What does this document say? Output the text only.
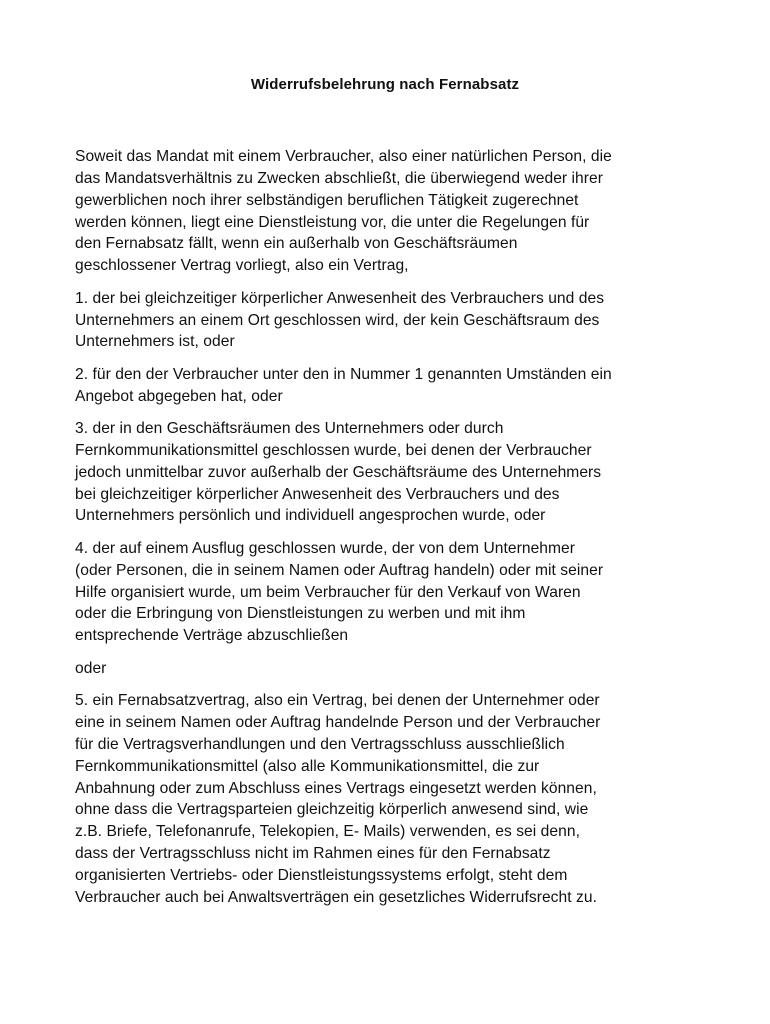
Widerrufsbelehrung nach Fernabsatz
Soweit das Mandat mit einem Verbraucher, also einer natürlichen Person, die
das Mandatsverhältnis zu Zwecken abschließt, die überwiegend weder ihrer
gewerblichen noch ihrer selbständigen beruflichen Tätigkeit zugerechnet
werden können, liegt eine Dienstleistung vor, die unter die Regelungen für
den Fernabsatz fällt, wenn ein außerhalb von Geschäftsräumen
geschlossener Vertrag vorliegt, also ein Vertrag,
1. der bei gleichzeitiger körperlicher Anwesenheit des Verbrauchers und des
Unternehmers an einem Ort geschlossen wird, der kein Geschäftsraum des
Unternehmers ist, oder
2. für den der Verbraucher unter den in Nummer 1 genannten Umständen ein
Angebot abgegeben hat, oder
3. der in den Geschäftsräumen des Unternehmers oder durch
Fernkommunikationsmittel geschlossen wurde, bei denen der Verbraucher
jedoch unmittelbar zuvor außerhalb der Geschäftsräume des Unternehmers
bei gleichzeitiger körperlicher Anwesenheit des Verbrauchers und des
Unternehmers persönlich und individuell angesprochen wurde, oder
4. der auf einem Ausflug geschlossen wurde, der von dem Unternehmer
(oder Personen, die in seinem Namen oder Auftrag handeln) oder mit seiner
Hilfe organisiert wurde, um beim Verbraucher für den Verkauf von Waren
oder die Erbringung von Dienstleistungen zu werben und mit ihm
entsprechende Verträge abzuschließen
oder
5. ein Fernabsatzvertrag, also ein Vertrag, bei denen der Unternehmer oder
eine in seinem Namen oder Auftrag handelnde Person und der Verbraucher
für die Vertragsverhandlungen und den Vertragsschluss ausschließlich
Fernkommunikationsmittel (also alle Kommunikationsmittel, die zur
Anbahnung oder zum Abschluss eines Vertrags eingesetzt werden können,
ohne dass die Vertragsparteien gleichzeitig körperlich anwesend sind, wie
z.B. Briefe, Telefonanrufe, Telekopien, E- Mails) verwenden, es sei denn,
dass der Vertragsschluss nicht im Rahmen eines für den Fernabsatz
organisierten Vertriebs- oder Dienstleistungssystems erfolgt, steht dem
Verbraucher auch bei Anwaltsverträgen ein gesetzliches Widerrufsrecht zu.
